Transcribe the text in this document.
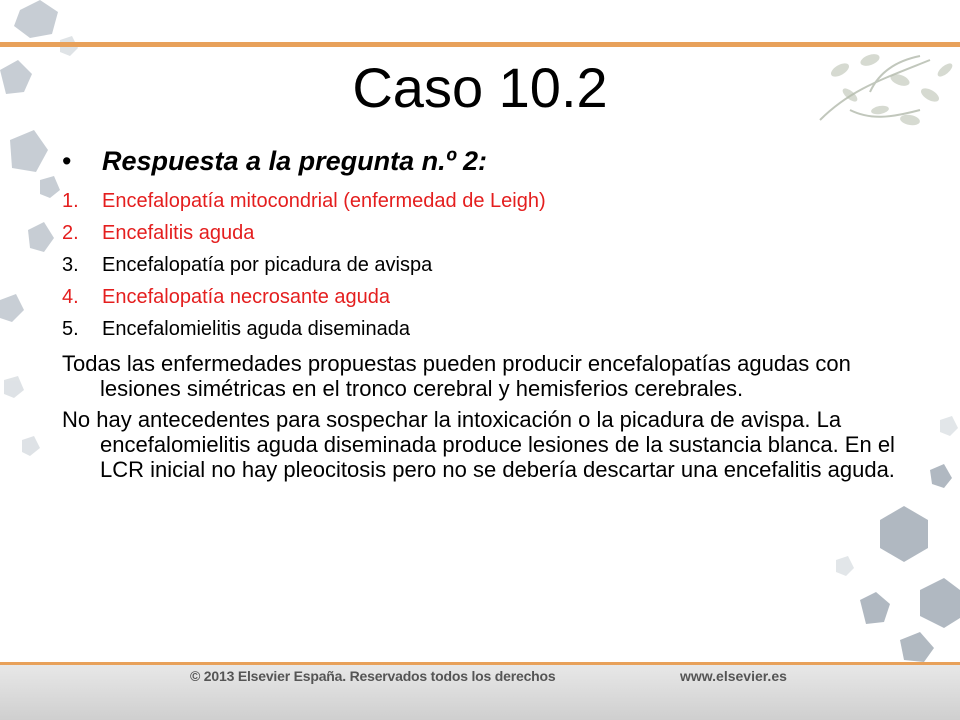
Caso 10.2
• Respuesta a la pregunta n.º 2:
1.	Encefalopatía mitocondrial (enfermedad de Leigh)
2.	Encefalitis aguda
3.	Encefalopatía por picadura de avispa
4.	Encefalopatía necrosante aguda
5.	Encefalomielitis aguda diseminada
Todas las enfermedades propuestas pueden producir encefalopatías agudas con lesiones simétricas en el tronco cerebral y hemisferios cerebrales.
No hay antecedentes para sospechar la intoxicación o la picadura de avispa. La encefalomielitis aguda diseminada produce lesiones de la sustancia blanca. En el LCR inicial no hay pleocitosis pero no se debería descartar una encefalitis aguda.
© 2013 Elsevier España. Reservados todos los derechos	www.elsevier.es
